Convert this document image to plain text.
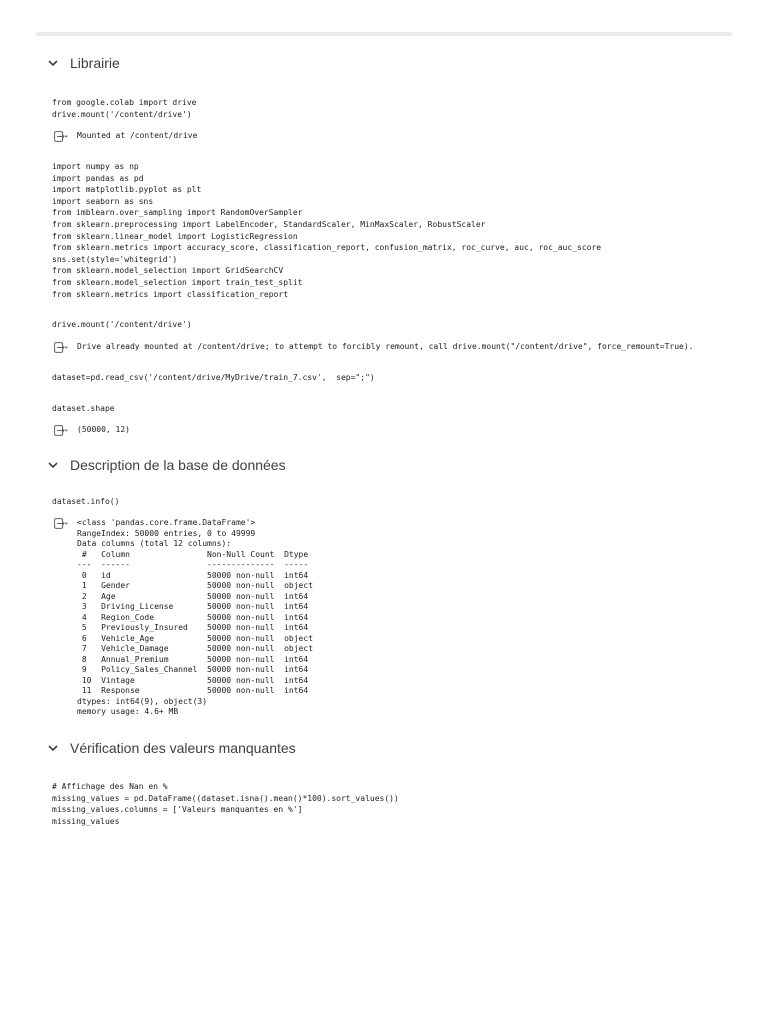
Librairie
from google.colab import drive
drive.mount('/content/drive')
Mounted at /content/drive
import numpy as np
import pandas as pd
import matplotlib.pyplot as plt
import seaborn as sns
from imblearn.over_sampling import RandomOverSampler
from sklearn.preprocessing import LabelEncoder, StandardScaler, MinMaxScaler, RobustScaler
from sklearn.linear_model import LogisticRegression
from sklearn.metrics import accuracy_score, classification_report, confusion_matrix, roc_curve, auc, roc_auc_score
sns.set(style='whitegrid')
from sklearn.model_selection import GridSearchCV
from sklearn.model_selection import train_test_split
from sklearn.metrics import classification_report
drive.mount('/content/drive')
Drive already mounted at /content/drive; to attempt to forcibly remount, call drive.mount("/content/drive", force_remount=True).
dataset=pd.read_csv('/content/drive/MyDrive/train_7.csv',  sep=";")
dataset.shape
(50000, 12)
Description de la base de données
dataset.info()
<class 'pandas.core.frame.DataFrame'>
RangeIndex: 50000 entries, 0 to 49999
Data columns (total 12 columns):
#   Column                Non-Null Count  Dtype
---  ------                --------------  -----
0   id                    50000 non-null  int64
1   Gender                50000 non-null  object
2   Age                   50000 non-null  int64
3   Driving_License       50000 non-null  int64
4   Region_Code           50000 non-null  int64
5   Previously_Insured    50000 non-null  int64
6   Vehicle_Age           50000 non-null  object
7   Vehicle_Damage        50000 non-null  object
8   Annual_Premium        50000 non-null  int64
9   Policy_Sales_Channel  50000 non-null  int64
10  Vintage               50000 non-null  int64
11  Response              50000 non-null  int64
dtypes: int64(9), object(3)
memory usage: 4.6+ MB
Vérification des valeurs manquantes
# Affichage des Nan en %
missing_values = pd.DataFrame((dataset.isna().mean()*100).sort_values())
missing_values.columns = ['Valeurs manquantes en %']
missing_values
